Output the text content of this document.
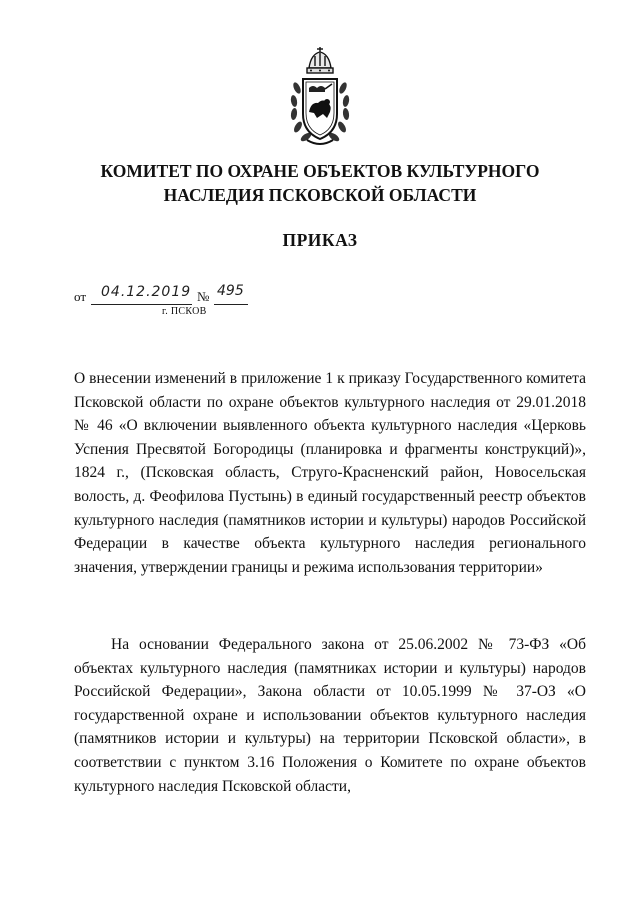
КОМИТЕТ ПО ОХРАНЕ ОБЪЕКТОВ КУЛЬТУРНОГО
НАСЛЕДИЯ ПСКОВСКОЙ ОБЛАСТИ
ПРИКАЗ
от 04.12.2019 № 495
г. ПСКОВ
О внесении изменений в приложение 1 к приказу Государственного комитета Псковской области по охране объектов культурного наследия от 29.01.2018 № 46 «О включении выявленного объекта культурного наследия «Церковь Успения Пресвятой Богородицы (планировка и фрагменты конструкций)», 1824 г., (Псковская область, Струго-Красненский район, Новосельская волость, д. Феофилова Пустынь) в единый государственный реестр объектов культурного наследия (памятников истории и культуры) народов Российской Федерации в качестве объекта культурного наследия регионального значения, утверждении границы и режима использования территории»
На основании Федерального закона от 25.06.2002 № 73-ФЗ «Об объектах культурного наследия (памятниках истории и культуры) народов Российской Федерации», Закона области от 10.05.1999 № 37-ОЗ «О государственной охране и использовании объектов культурного наследия (памятников истории и культуры) на территории Псковской области», в соответствии с пунктом 3.16 Положения о Комитете по охране объектов культурного наследия Псковской области,
